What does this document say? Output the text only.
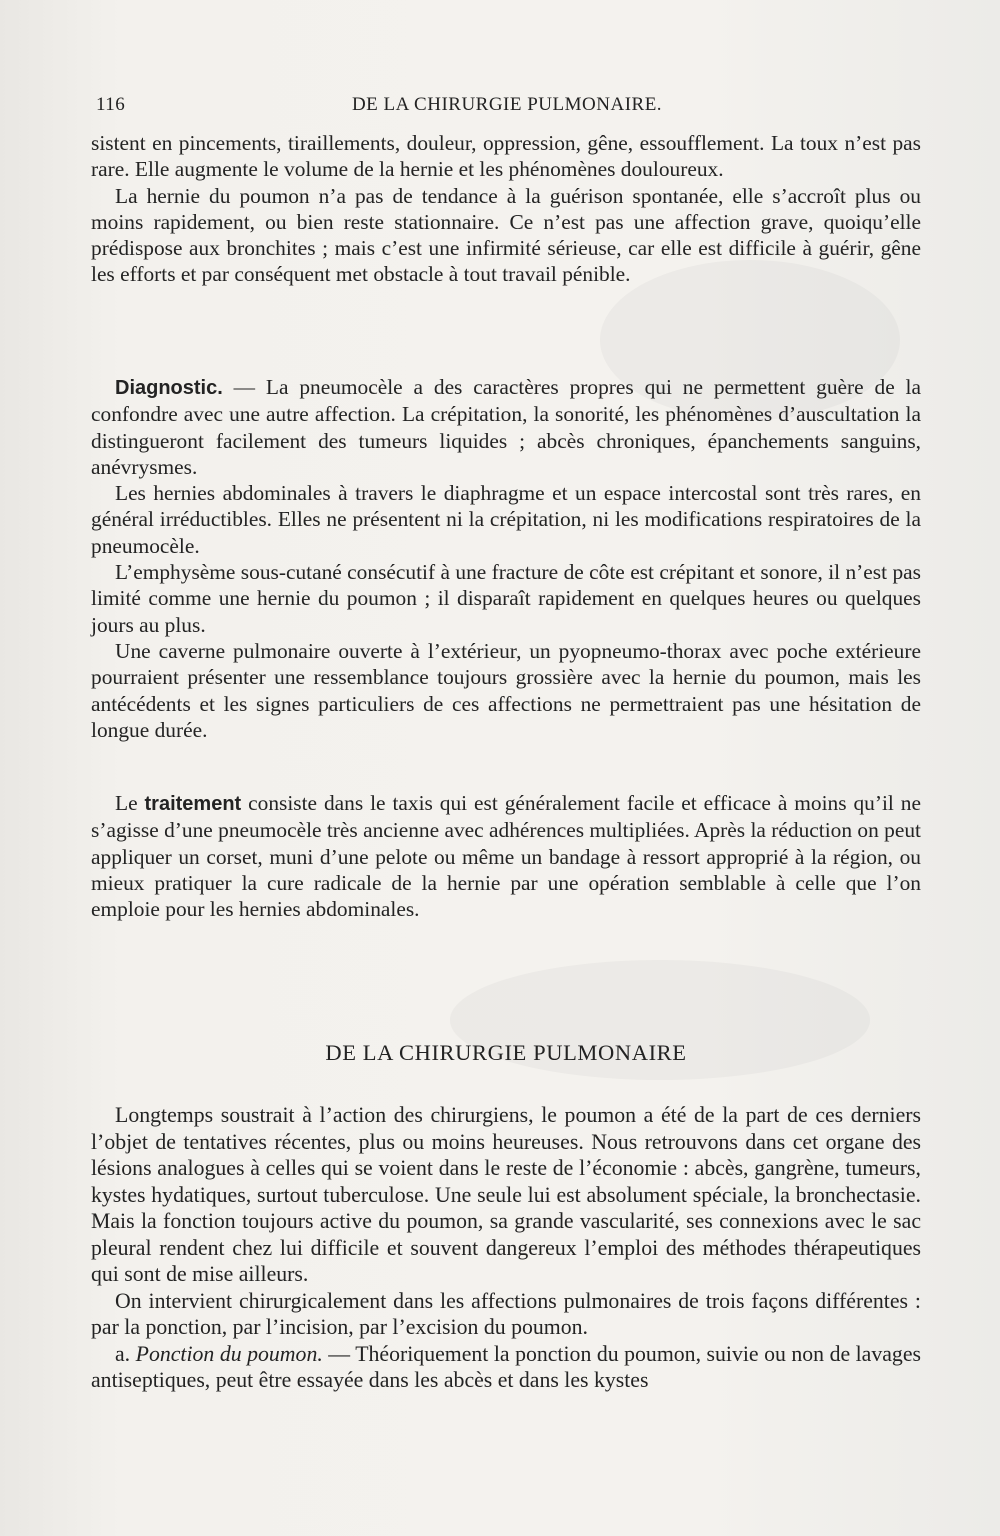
116	DE LA CHIRURGIE PULMONAIRE.

sistent en pincements, tiraillements, douleur, oppression, gêne, essoufflement. La toux n’est pas rare. Elle augmente le volume de la hernie et les phénomènes douloureux.

La hernie du poumon n’a pas de tendance à la guérison spontanée, elle s’accroît plus ou moins rapidement, ou bien reste stationnaire. Ce n’est pas une affection grave, quoiqu’elle prédispose aux bronchites ; mais c’est une infirmité sérieuse, car elle est difficile à guérir, gêne les efforts et par conséquent met obstacle à tout travail pénible.

Diagnostic. — La pneumocèle a des caractères propres qui ne permettent guère de la confondre avec une autre affection. La crépitation, la sonorité, les phénomènes d’auscultation la distingueront facilement des tumeurs liquides ; abcès chroniques, épanchements sanguins, anévrysmes.

Les hernies abdominales à travers le diaphragme et un espace intercostal sont très rares, en général irréductibles. Elles ne présentent ni la crépitation, ni les modifications respiratoires de la pneumocèle.

L’emphysème sous-cutané consécutif à une fracture de côte est crépitant et sonore, il n’est pas limité comme une hernie du poumon ; il disparaît rapidement en quelques heures ou quelques jours au plus.

Une caverne pulmonaire ouverte à l’extérieur, un pyopneumo-thorax avec poche extérieure pourraient présenter une ressemblance toujours grossière avec la hernie du poumon, mais les antécédents et les signes particuliers de ces affections ne permettraient pas une hésitation de longue durée.

Le traitement consiste dans le taxis qui est généralement facile et efficace à moins qu’il ne s’agisse d’une pneumocèle très ancienne avec adhérences multipliées. Après la réduction on peut appliquer un corset, muni d’une pelote ou même un bandage à ressort approprié à la région, ou mieux pratiquer la cure radicale de la hernie par une opération semblable à celle que l’on emploie pour les hernies abdominales.

DE LA CHIRURGIE PULMONAIRE

Longtemps soustrait à l’action des chirurgiens, le poumon a été de la part de ces derniers l’objet de tentatives récentes, plus ou moins heureuses. Nous retrouvons dans cet organe des lésions analogues à celles qui se voient dans le reste de l’économie : abcès, gangrène, tumeurs, kystes hydatiques, surtout tuberculose. Une seule lui est absolument spéciale, la bronchectasie. Mais la fonction toujours active du poumon, sa grande vascularité, ses connexions avec le sac pleural rendent chez lui difficile et souvent dangereux l’emploi des méthodes thérapeutiques qui sont de mise ailleurs.

On intervient chirurgicalement dans les affections pulmonaires de trois façons différentes : par la ponction, par l’incision, par l’excision du poumon.

a. Ponction du poumon. — Théoriquement la ponction du poumon, suivie ou non de lavages antiseptiques, peut être essayée dans les abcès et dans les kystes
